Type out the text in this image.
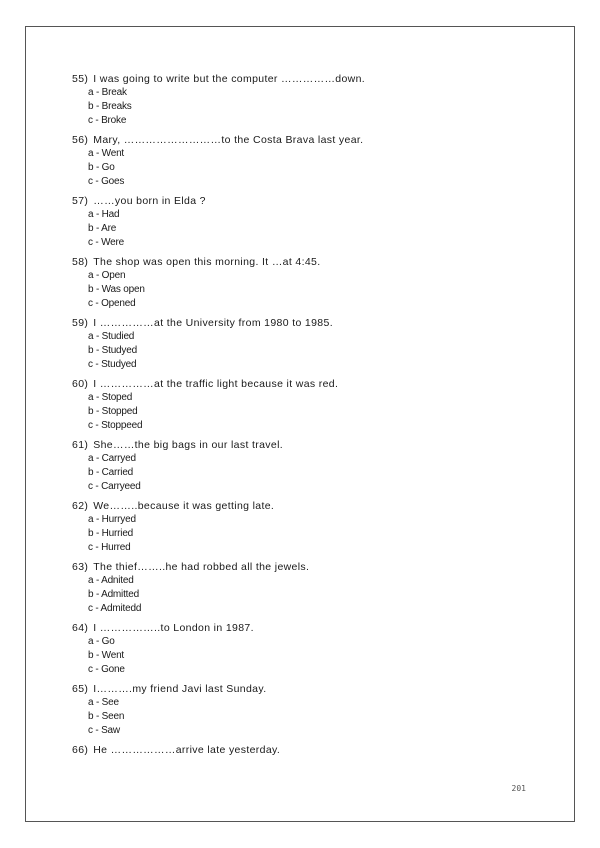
55) I was going to write but the computer ……………down.
a - Break
b - Breaks
c - Broke
56) Mary, ………………………to the Costa Brava last year.
a - Went
b - Go
c - Goes
57) ……you born in Elda ?
a - Had
b - Are
c - Were
58) The shop was open this morning. It …at 4:45.
a - Open
b - Was open
c - Opened
59) I ……………at the University from 1980 to 1985.
a - Studied
b - Studyed
c - Studyed
60) I ……………at the traffic light because it was red.
a - Stoped
b - Stopped
c - Stoppeed
61) She……the big bags in our last travel.
a - Carryed
b - Carried
c - Carryeed
62) We……..because it was getting late.
a - Hurryed
b - Hurried
c - Hurred
63) The thief……..he had robbed all the jewels.
a - Adnited
b - Admitted
c - Admitedd
64) I ……………..to London in 1987.
a - Go
b - Went
c - Gone
65) I……….my friend Javi last Sunday.
a - See
b - Seen
c - Saw
66) He ………………arrive late yesterday.
201
